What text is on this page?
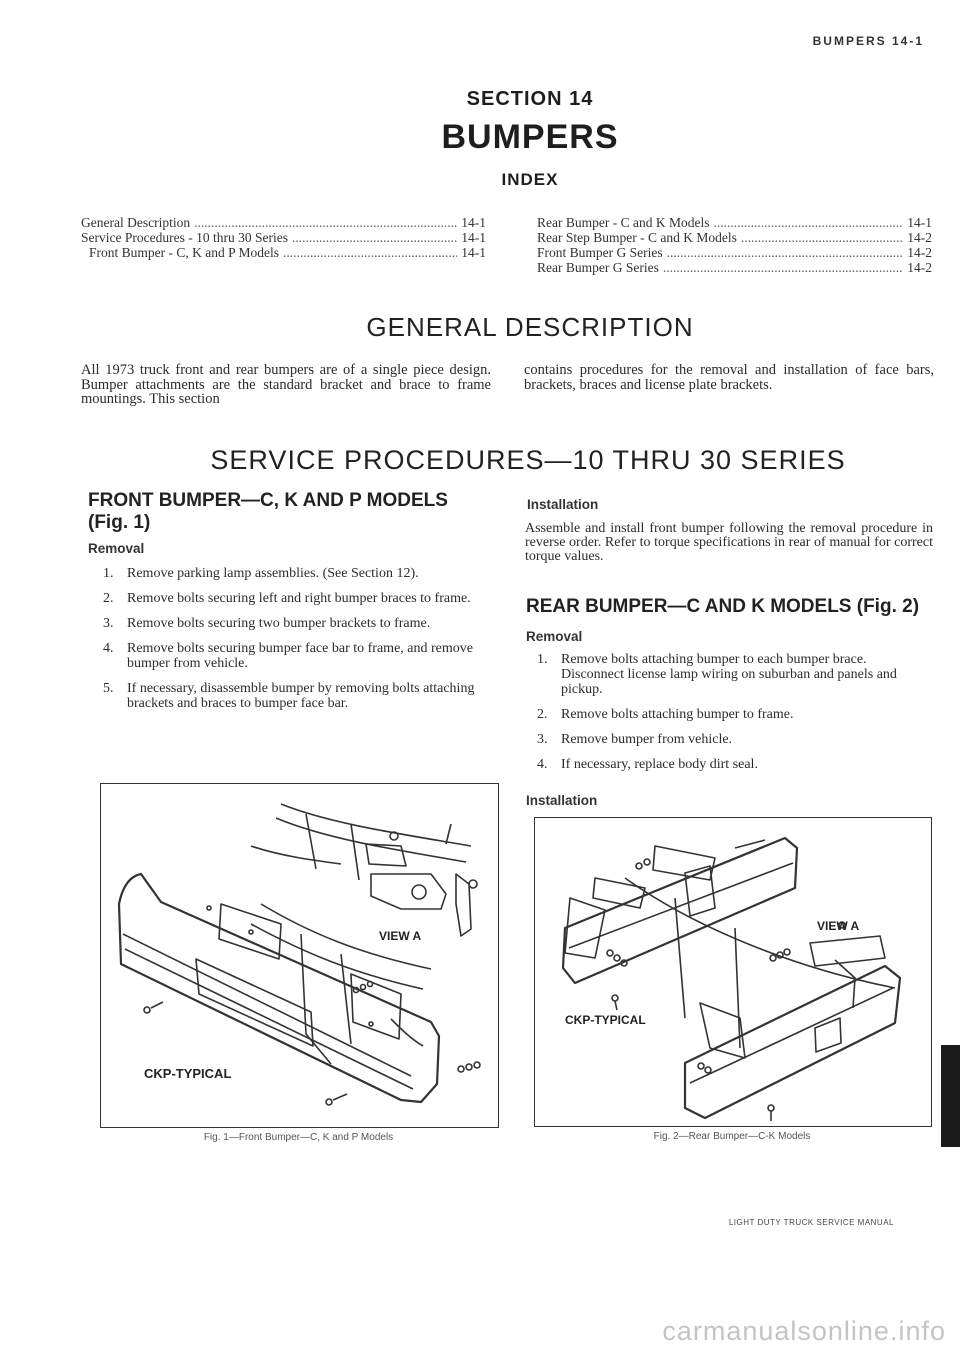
BUMPERS 14-1
SECTION 14
BUMPERS
INDEX
General Description .....	14-1
Service Procedures - 10 thru 30 Series .....	14-1
Front Bumper - C, K and P Models .....	14-1
Rear Bumper - C and K Models .....	14-1
Rear Step Bumper - C and K Models .....	14-2
Front Bumper G Series .....	14-2
Rear Bumper G Series .....	14-2
GENERAL DESCRIPTION
All 1973 truck front and rear bumpers are of a single piece design. Bumper attachments are the standard bracket and brace to frame mountings. This section
contains procedures for the removal and installation of face bars, brackets, braces and license plate brackets.
SERVICE PROCEDURES—10 THRU 30 SERIES
FRONT BUMPER—C, K AND P MODELS
(Fig. 1)
Removal
1. Remove parking lamp assemblies. (See Section 12).
2. Remove bolts securing left and right bumper braces to frame.
3. Remove bolts securing two bumper brackets to frame.
4. Remove bolts securing bumper face bar to frame, and remove bumper from vehicle.
5. If necessary, disassemble bumper by removing bolts attaching brackets and braces to bumper face bar.
VIEW A
CKP-TYPICAL
Fig. 1—Front Bumper—C, K and P Models
Installation
Assemble and install front bumper following the removal procedure in reverse order. Refer to torque specifications in rear of manual for correct torque values.
REAR BUMPER—C AND K MODELS (Fig. 2)
Removal
1. Remove bolts attaching bumper to each bumper brace. Disconnect license lamp wiring on suburban and panels and pickup.
2. Remove bolts attaching bumper to frame.
3. Remove bumper from vehicle.
4. If necessary, replace body dirt seal.
Installation
VIEW A
CKP-TYPICAL
Fig. 2—Rear Bumper—C-K Models
LIGHT DUTY TRUCK SERVICE MANUAL
carmanualsonline.info
